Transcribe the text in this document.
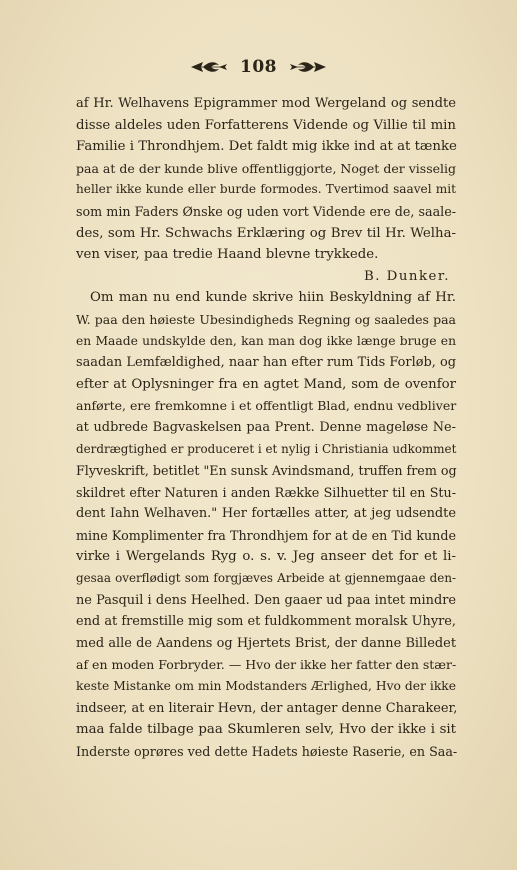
108
af Hr. Welhavens Epigrammer mod Wergeland og sendte
disse aldeles uden Forfatterens Vidende og Villie til min
Familie i Throndhjem. Det faldt mig ikke ind at at tænke
paa at de der kunde blive offentliggjorte, Noget der visselig
heller ikke kunde eller burde formodes. Tvertimod saavel mit
som min Faders Ønske og uden vort Vidende ere de, saale-
des, som Hr. Schwachs Erklæring og Brev til Hr. Welha-
ven viser, paa tredie Haand blevne trykkede.
B. Dunker.
Om man nu end kunde skrive hiin Beskyldning af Hr.
W. paa den høieste Ubesindigheds Regning og saaledes paa
en Maade undskylde den, kan man dog ikke længe bruge en
saadan Lemfældighed, naar han efter rum Tids Forløb, og
efter at Oplysninger fra en agtet Mand, som de ovenfor
anførte, ere fremkomne i et offentligt Blad, endnu vedbliver
at udbrede Bagvaskelsen paa Prent. Denne mageløse Ne-
derdrægtighed er produceret i et nylig i Christiania udkommet
Flyveskrift, betitlet "En sunsk Avindsmand, truffen frem og
skildret efter Naturen i anden Række Silhuetter til en Stu-
dent Iahn Welhaven." Her fortælles atter, at jeg udsendte
mine Komplimenter fra Throndhjem for at de en Tid kunde
virke i Wergelands Ryg o. s. v. Jeg anseer det for et li-
gesaa overflødigt som forgjæves Arbeide at gjennemgaae den-
ne Pasquil i dens Heelhed. Den gaaer ud paa intet mindre
end at fremstille mig som et fuldkomment moralsk Uhyre,
med alle de Aandens og Hjertets Brist, der danne Billedet
af en moden Forbryder. — Hvo der ikke her fatter den stær-
keste Mistanke om min Modstanders Ærlighed, Hvo der ikke
indseer, at en literair Hevn, der antager denne Charakeer,
maa falde tilbage paa Skumleren selv, Hvo der ikke i sit
Inderste oprøres ved dette Hadets høieste Raserie, en Saa-
